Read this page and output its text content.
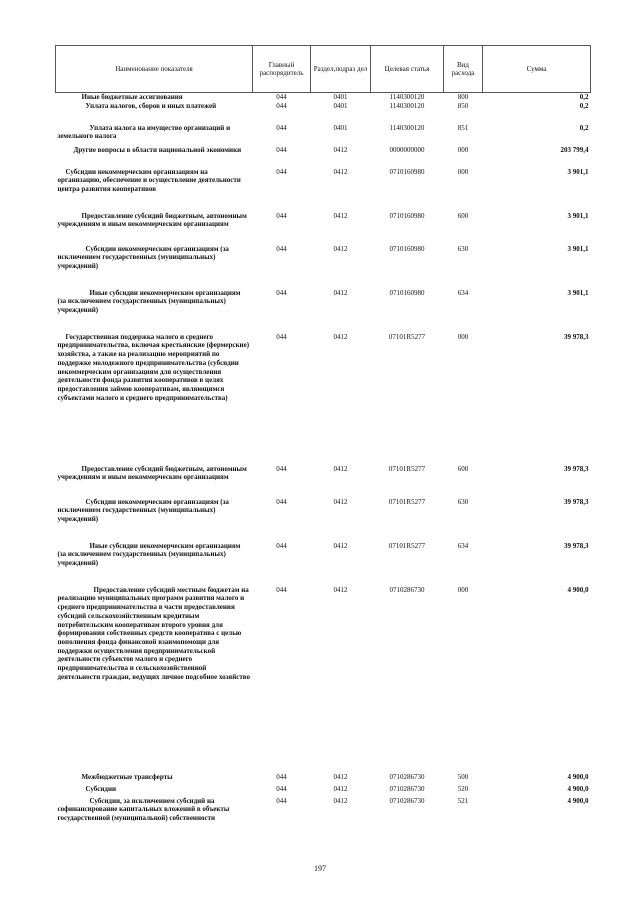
Наименование показателя	Главный распорядитель	Раздел,подраз дел	Целевая статья	Вид расхода	Сумма
Иные бюджетные ассигнования	044	0401	1140300120	800	0,2
Уплата налогов, сборов и иных платежей	044	0401	1140300120	850	0,2
Уплата налога на имущество организаций и земельного налога	044	0401	1140300120	851	0,2
Другие вопросы в области национальной экономики	044	0412	0000000000	000	203 799,4
Субсидии некоммерческим организациям на организацию, обеспечение и осуществление деятельности центра развития кооперативов	044	0412	0710160980	000	3 901,1
Предоставление субсидий бюджетным, автономным учреждениям и иным некоммерческим организациям	044	0412	0710160980	600	3 901,1
Субсидии некоммерческим организациям (за исключением государственных (муниципальных) учреждений)	044	0412	0710160980	630	3 901,1
Иные субсидии некоммерческим организациям (за исключением государственных (муниципальных) учреждений)	044	0412	0710160980	634	3 901,1
Государственная поддержка малого и среднего предпринимательства, включая крестьянские (фермерские) хозяйства, а также на реализацию мероприятий по поддержке молодежного предпринимательства (субсидии некоммерческим организациям для осуществления деятельности фонда развития кооперативов в целях предоставления займов кооперативам, являющимся субъектами малого и среднего предпринимательства)	044	0412	07101R5277	000	39 978,3
Предоставление субсидий бюджетным, автономным учреждениям и иным некоммерческим организациям	044	0412	07101R5277	600	39 978,3
Субсидии некоммерческим организациям (за исключением государственных (муниципальных) учреждений)	044	0412	07101R5277	630	39 978,3
Иные субсидии некоммерческим организациям (за исключением государственных (муниципальных) учреждений)	044	0412	07101R5277	634	39 978,3
Предоставление субсидий местным бюджетам на реализацию муниципальных программ развития малого и среднего предпринимательства в части предоставления субсидий сельскохозяйственным кредитным потребительским кооперативам второго уровня для формирования собственных средств кооператива с целью пополнения фонда финансовой взаимопомощи для поддержки осуществления предпринимательской деятельности субъектов малого и среднего предпринимательства и сельскохозяйственной деятельности граждан, ведущих личное подсобное хозяйство	044	0412	0710286730	000	4 900,0
Межбюджетные трансферты	044	0412	0710286730	500	4 900,0
Субсидии	044	0412	0710286730	520	4 900,0
Субсидии, за исключением субсидий на софинансирование капитальных вложений в объекты государственной (муниципальной) собственности	044	0412	0710286730	521	4 900,0
197
